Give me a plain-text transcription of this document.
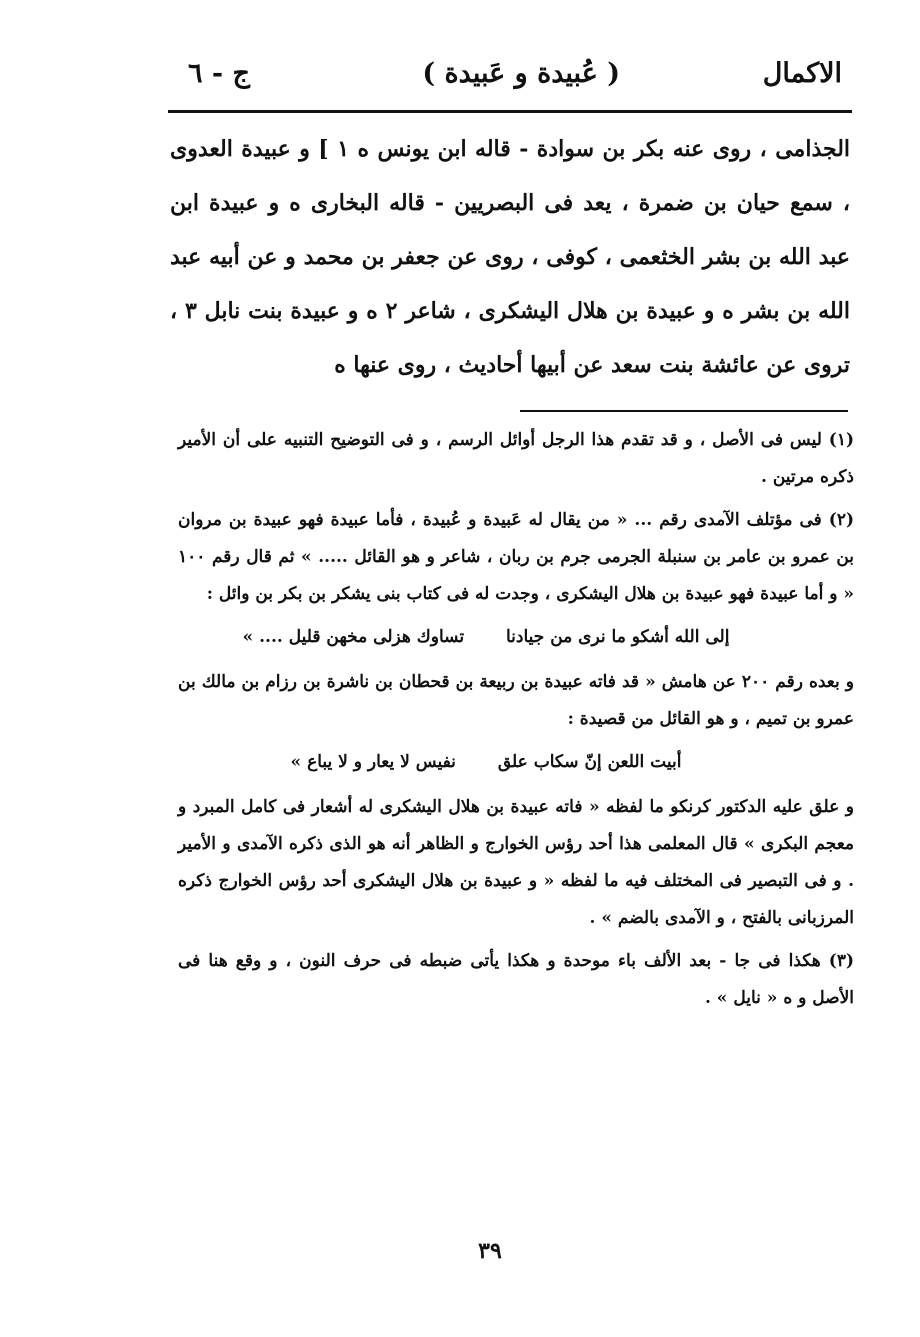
الاكمال
( عُبيدة و عَبيدة )
ج - ٦

الجذامى ، روى عنه بكر بن سوادة - قاله ابن يونس ه ١ ] و عبيدة العدوى ، سمع حيان بن ضمرة ، يعد فى البصريين - قاله البخارى ه و عبيدة ابن عبد الله بن بشر الخثعمى ، كوفى ، روى عن جعفر بن محمد و عن أبيه عبد الله بن بشر ه و عبيدة بن هلال اليشكرى ، شاعر ٢ ه و عبيدة بنت نابل ٣ ، تروى عن عائشة بنت سعد عن أبيها أحاديث ، روى عنها ه

(١) ليس فى الأصل ، و قد تقدم هذا الرجل أوائل الرسم ، و فى التوضيح التنبيه على أن الأمير ذكره مرتين .

(٢) فى مؤتلف الآمدى رقم ... « من يقال له عَبيدة و عُبيدة ، فأما عبيدة فهو عبيدة بن مروان بن عمرو بن عامر بن سنبلة الجرمى جرم بن ربان ، شاعر و هو القائل ..... » ثم قال رقم ١٠٠ « و أما عبيدة فهو عبيدة بن هلال اليشكرى ، وجدت له فى كتاب بنى يشكر بن بكر بن وائل :

إلى الله أشكو ما نرى من جيادنا تساوك هزلى مخهن قليل .... »

و بعده رقم ٢٠٠ عن هامش « قد فاته عبيدة بن ربيعة بن قحطان بن ناشرة بن رزام بن مالك بن عمرو بن تميم ، و هو القائل من قصيدة :

أبيت اللعن إنّ سكاب علق نفيس لا يعار و لا يباع »

و علق عليه الدكتور كرنكو ما لفظه « فاته عبيدة بن هلال اليشكرى له أشعار فى كامل المبرد و معجم البكرى » قال المعلمى هذا أحد رؤس الخوارج و الظاهر أنه هو الذى ذكره الآمدى و الأمير . و فى التبصير فى المختلف فيه ما لفظه « و عبيدة بن هلال اليشكرى أحد رؤس الخوارج ذكره المرزبانى بالفتح ، و الآمدى بالضم » .

(٣) هكذا فى جا - بعد الألف باء موحدة و هكذا يأتى ضبطه فى حرف النون ، و وقع هنا فى الأصل و ه « نايل » .

٣٩
